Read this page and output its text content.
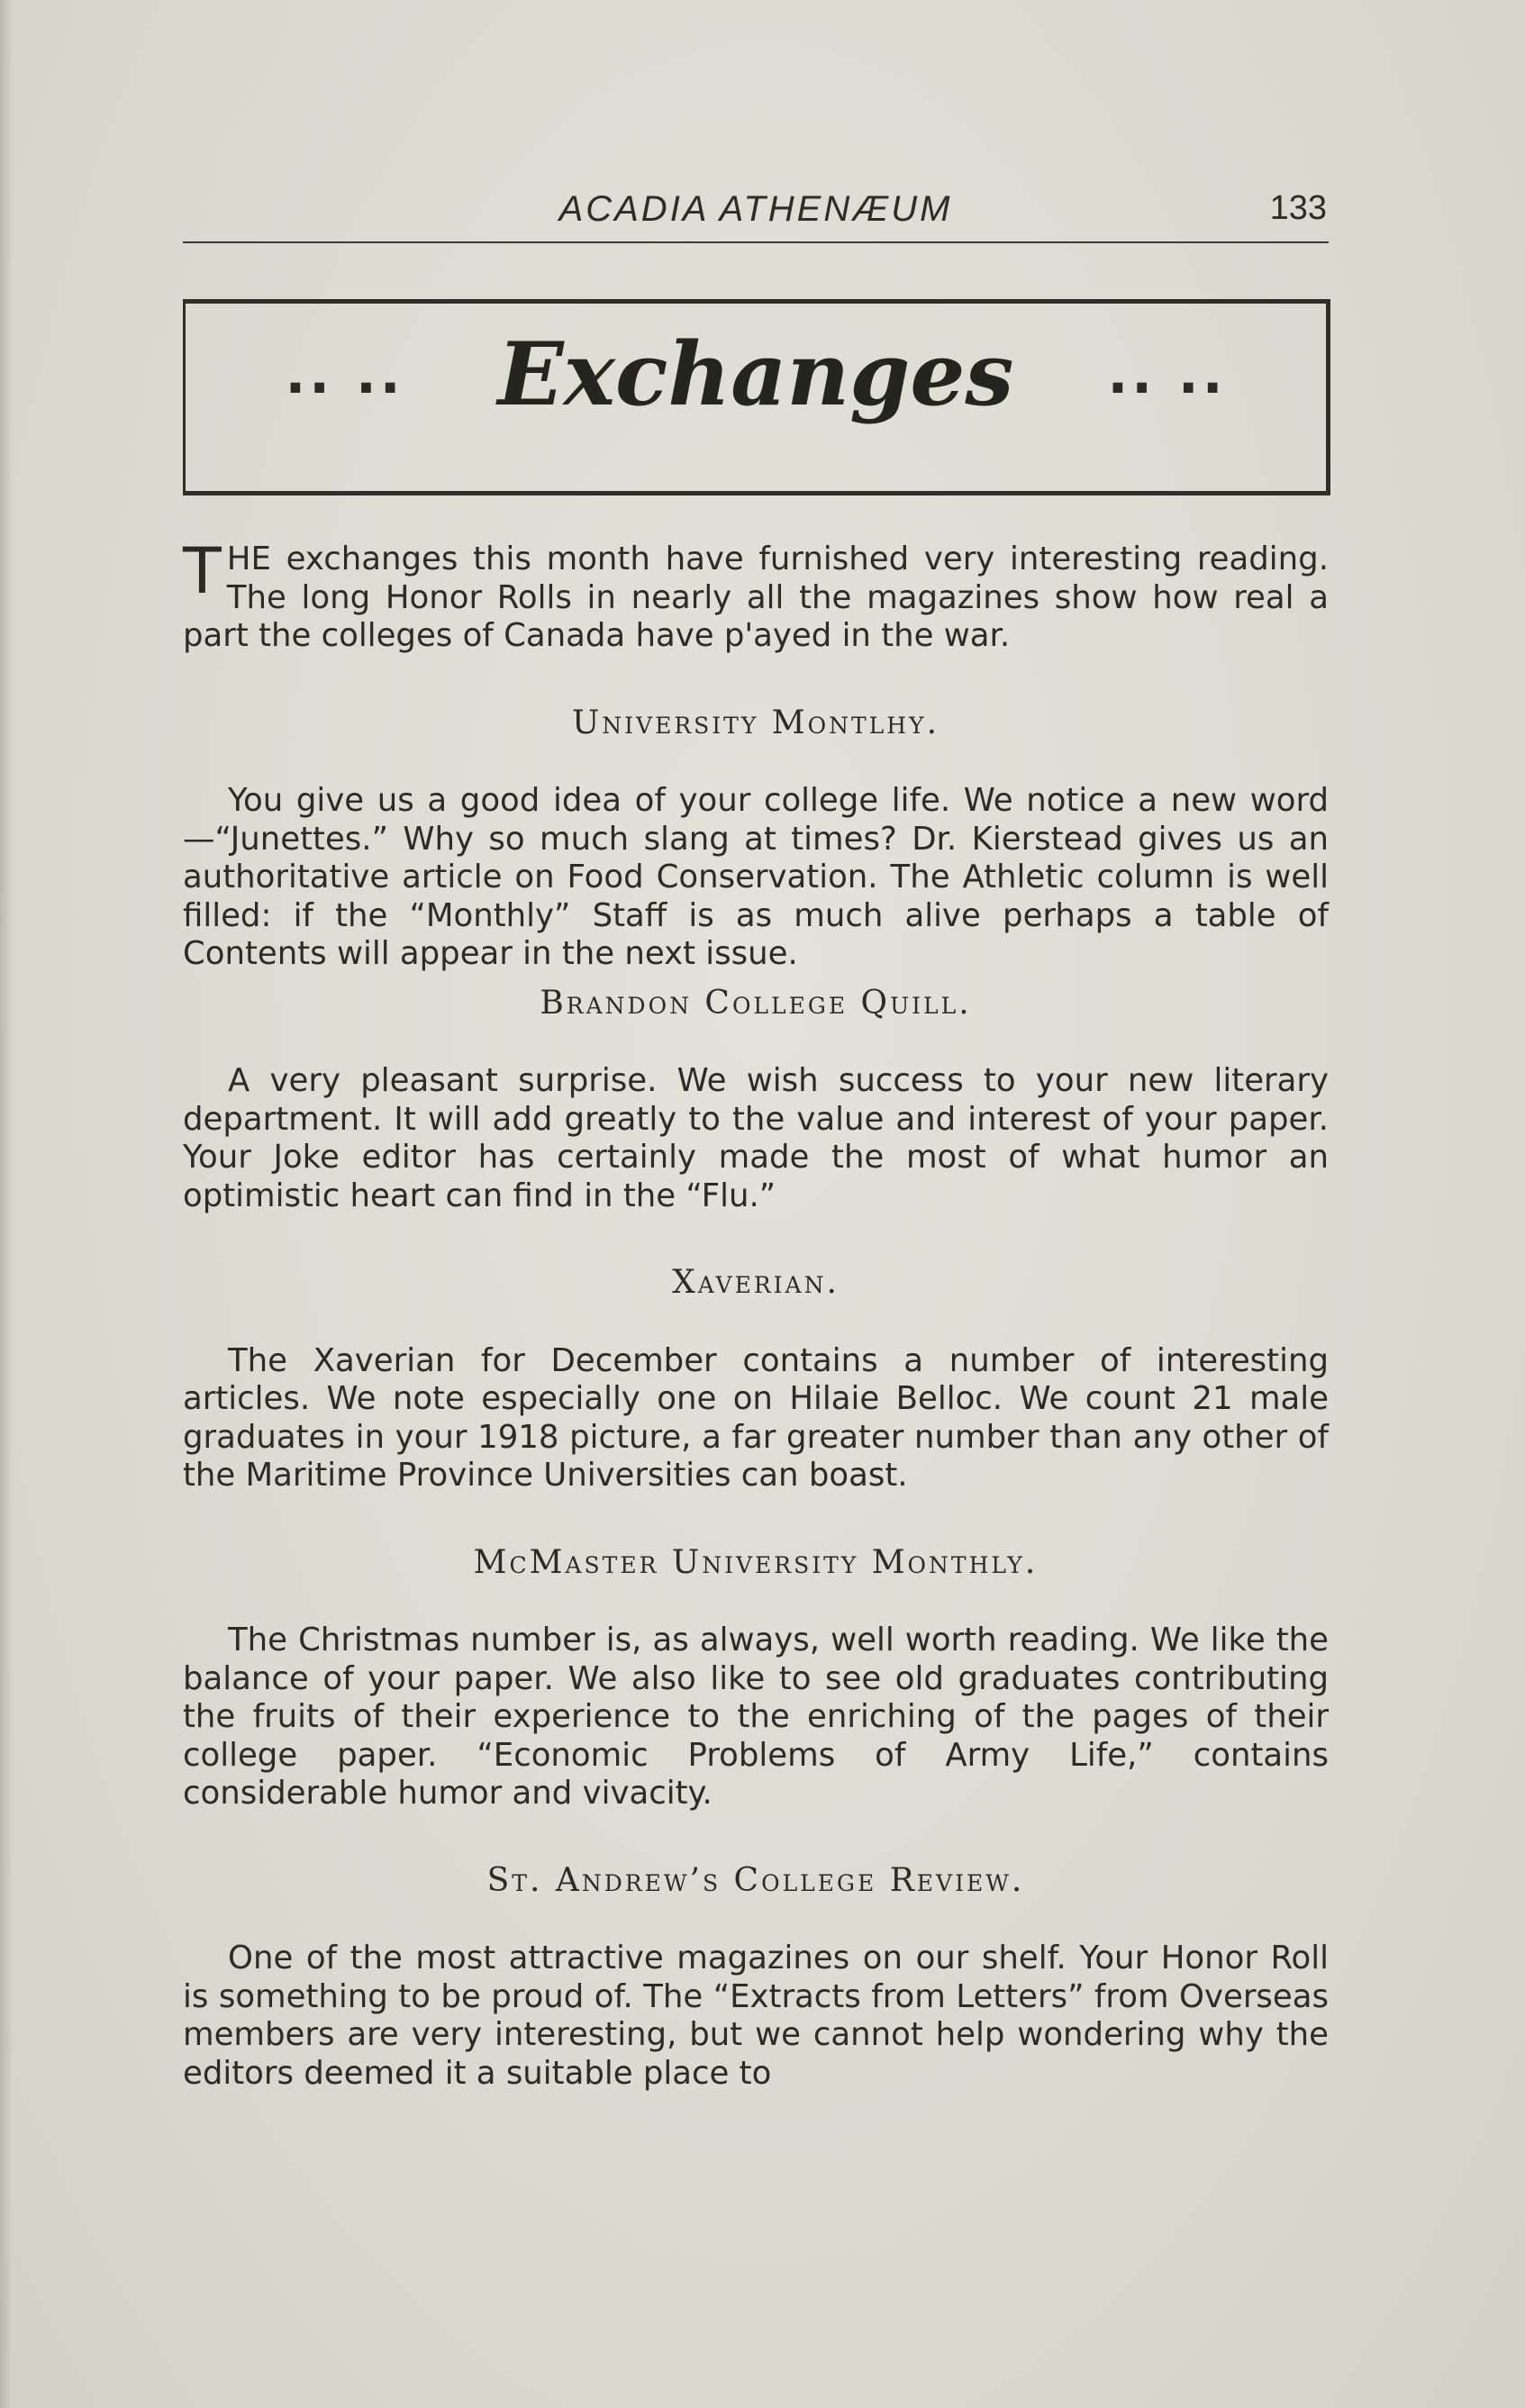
ACADIA ATHENÆUM	133
.. .. Exchanges .. ..

THE exchanges this month have furnished very interesting reading. The long Honor Rolls in nearly all the magazines show how real a part the colleges of Canada have p'ayed in the war.

University Montlhy.

You give us a good idea of your college life. We notice a new word—“Junettes.” Why so much slang at times? Dr. Kierstead gives us an authoritative article on Food Conservation. The Athletic column is well filled: if the “Monthly” Staff is as much alive perhaps a table of Contents will appear in the next issue.

Brandon College Quill.

A very pleasant surprise. We wish success to your new literary department. It will add greatly to the value and interest of your paper. Your Joke editor has certainly made the most of what humor an optimistic heart can find in the “Flu.”

Xaverian.

The Xaverian for December contains a number of interesting articles. We note especially one on Hilaie Belloc. We count 21 male graduates in your 1918 picture, a far greater number than any other of the Maritime Province Universities can boast.

McMaster University Monthly.

The Christmas number is, as always, well worth reading. We like the balance of your paper. We also like to see old graduates contributing the fruits of their experience to the enriching of the pages of their college paper. “Economic Problems of Army Life,” contains considerable humor and vivacity.

St. Andrew’s College Review.

One of the most attractive magazines on our shelf. Your Honor Roll is something to be proud of. The “Extracts from Letters” from Overseas members are very interesting, but we cannot help wondering why the editors deemed it a suitable place to
